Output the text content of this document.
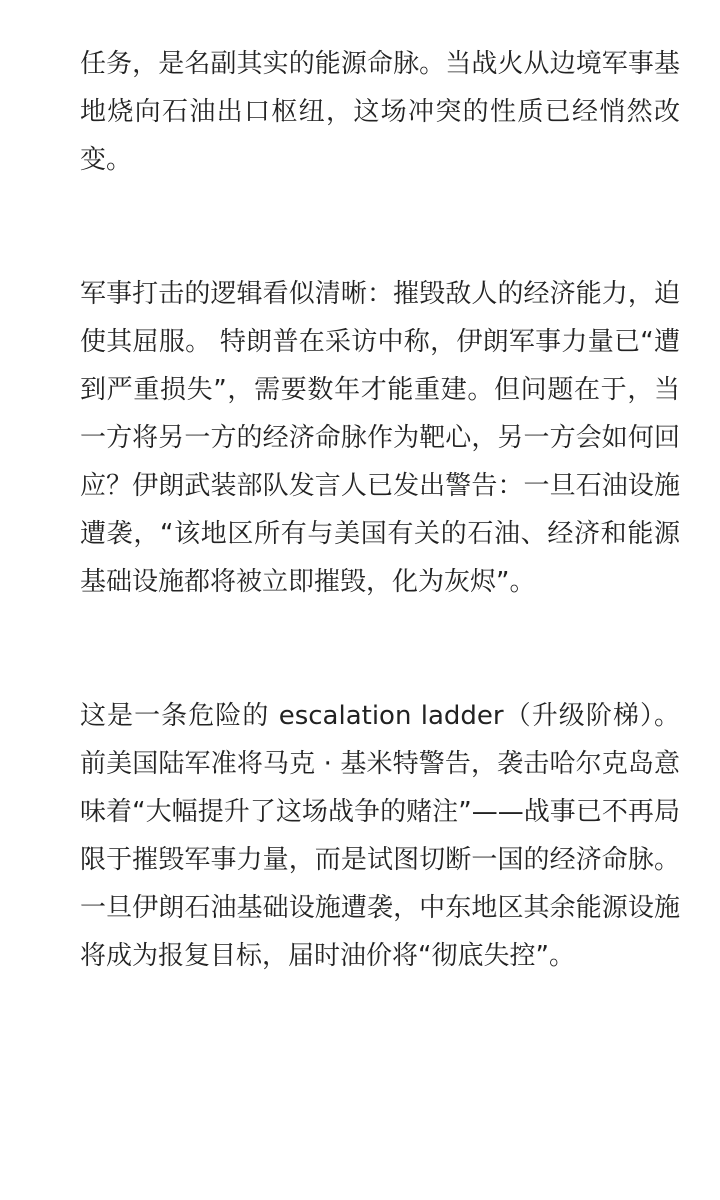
任务，是名副其实的能源命脉。当战火从边境军事基地烧向石油出口枢纽，这场冲突的性质已经悄然改变。

军事打击的逻辑看似清晰：摧毁敌人的经济能力，迫使其屈服。 特朗普在采访中称，伊朗军事力量已“遭到严重损失”，需要数年才能重建。但问题在于，当一方将另一方的经济命脉作为靶心，另一方会如何回应？伊朗武装部队发言人已发出警告：一旦石油设施遭袭，“该地区所有与美国有关的石油、经济和能源基础设施都将被立即摧毁，化为灰烬”。

这是一条危险的 escalation ladder（升级阶梯）。前美国陆军准将马克 · 基米特警告，袭击哈尔克岛意味着“大幅提升了这场战争的赌注”——战事已不再局限于摧毁军事力量，而是试图切断一国的经济命脉。一旦伊朗石油基础设施遭袭，中东地区其余能源设施将成为报复目标，届时油价将“彻底失控”。
